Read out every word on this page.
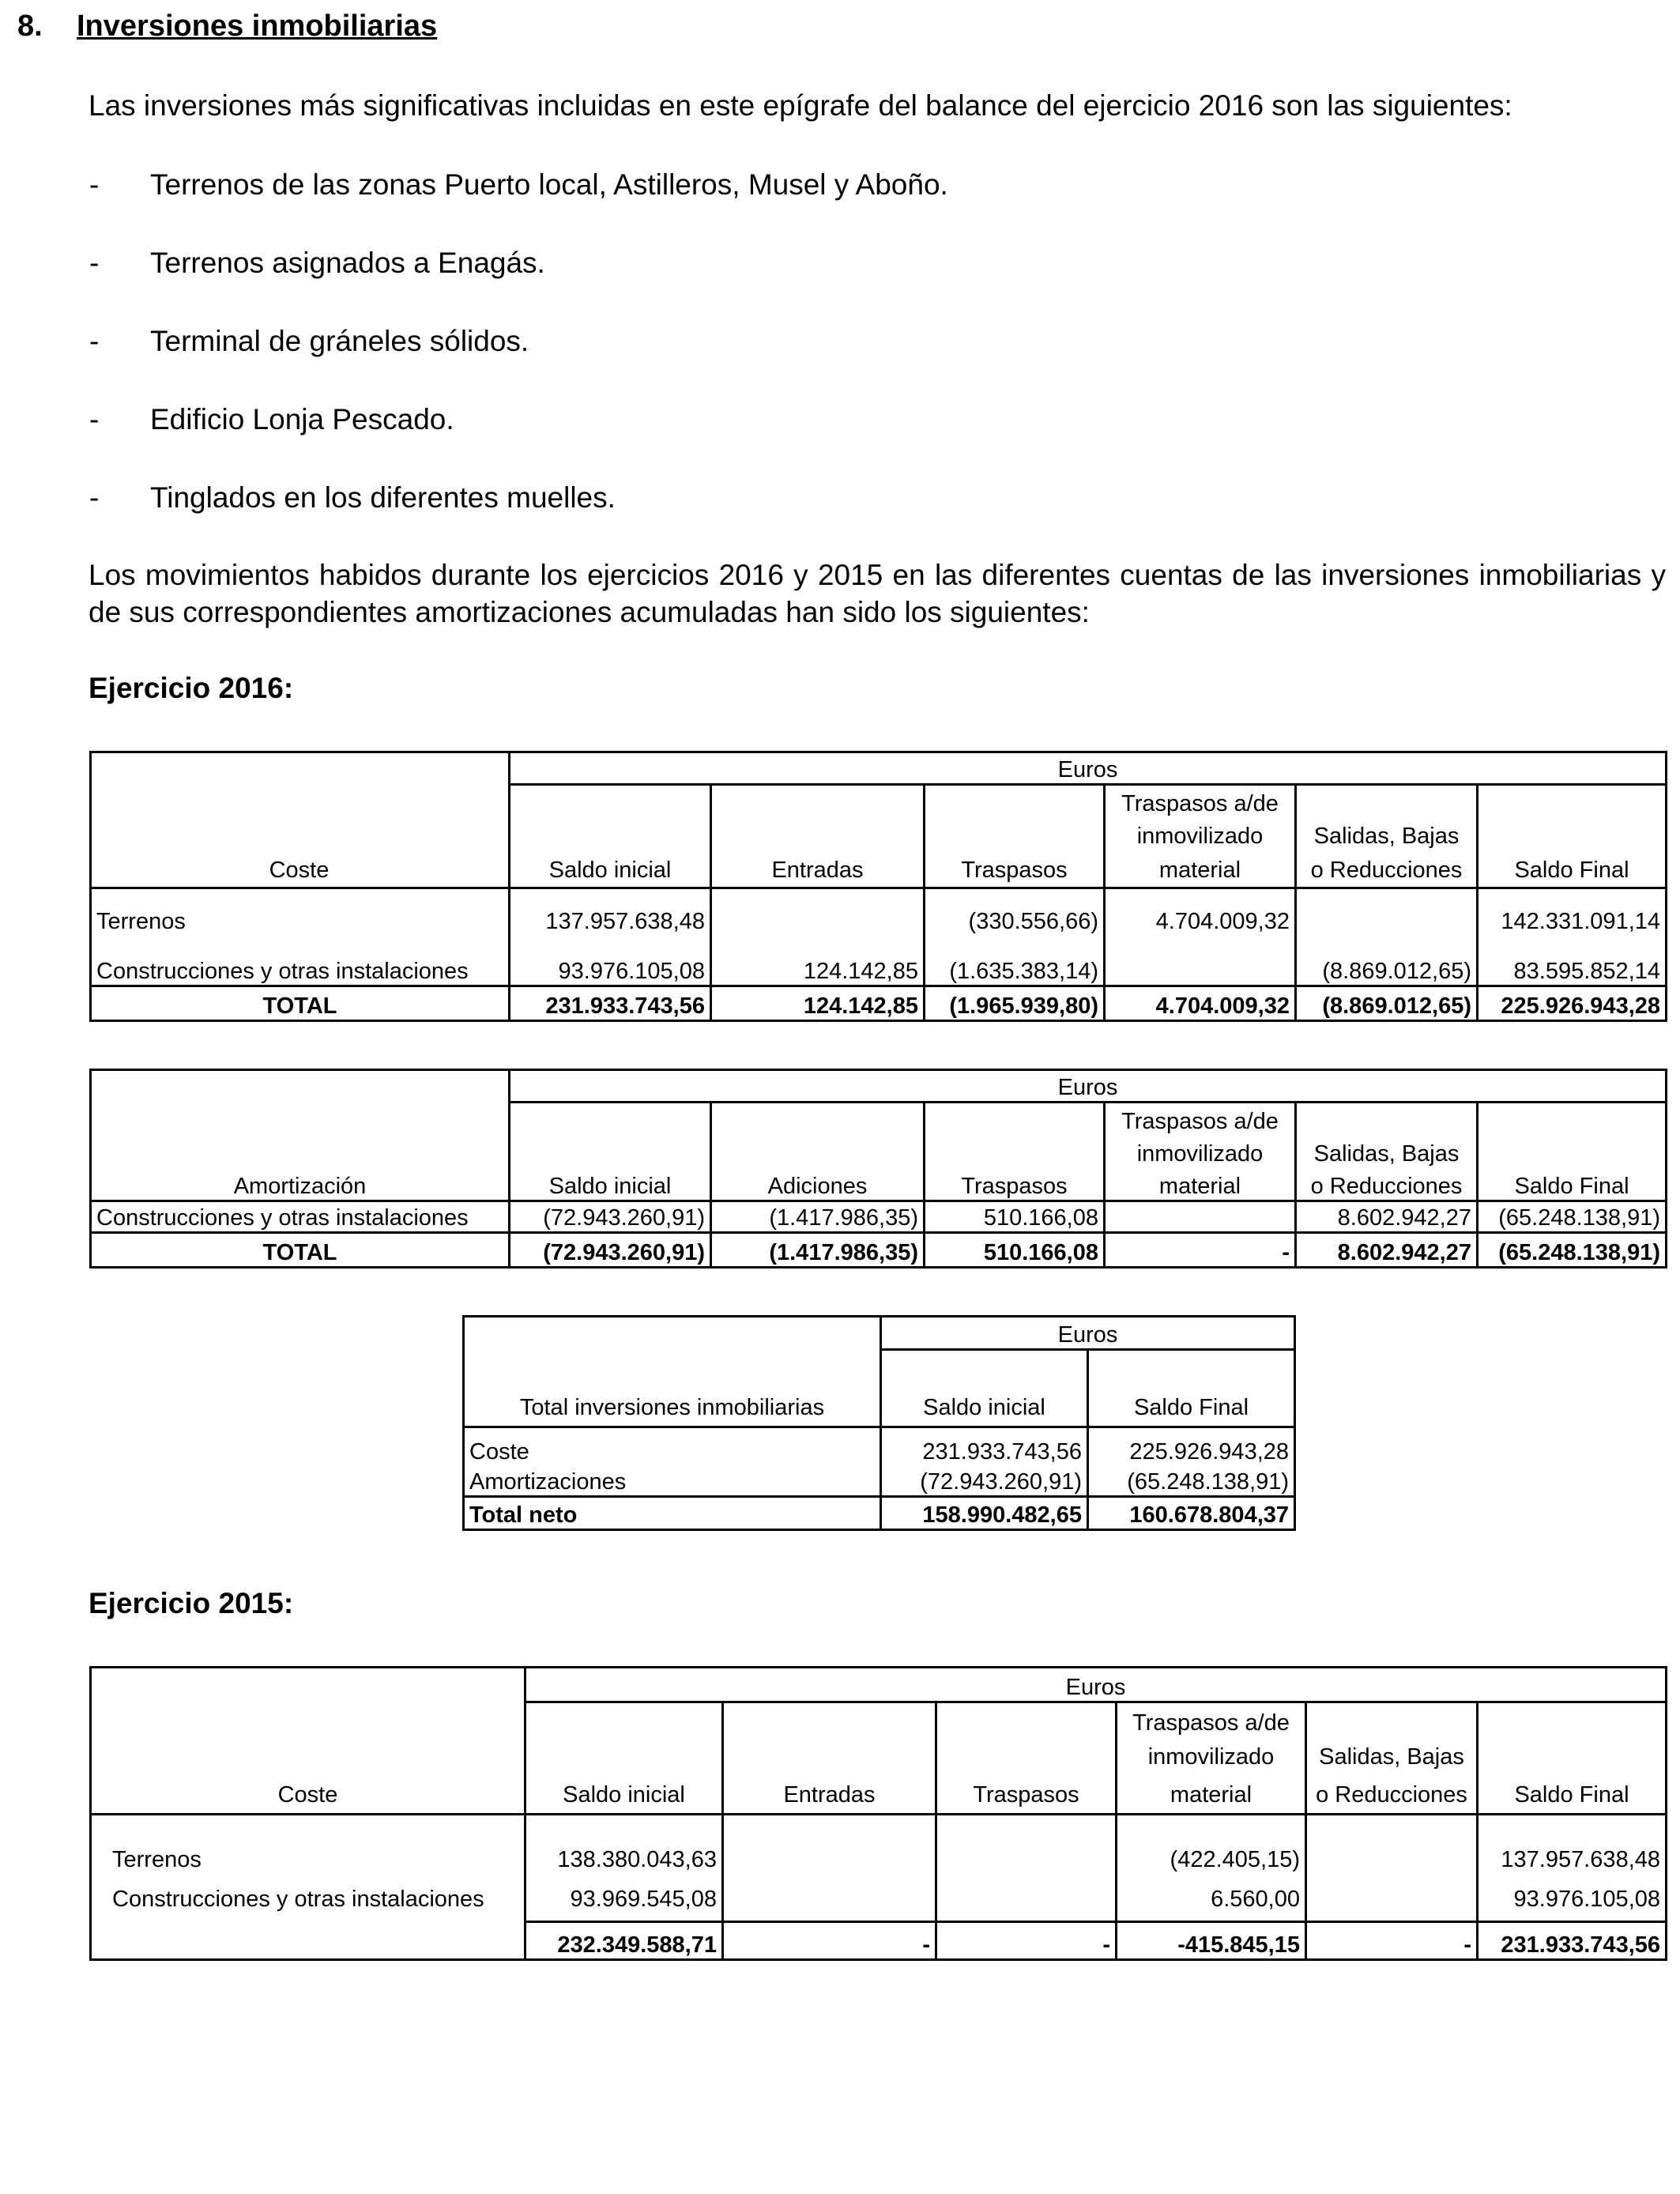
8. Inversiones inmobiliarias
Las inversiones más significativas incluidas en este epígrafe del balance del ejercicio 2016 son las siguientes:
- Terrenos de las zonas Puerto local, Astilleros, Musel y Aboño.
- Terrenos asignados a Enagás.
- Terminal de gráneles sólidos.
- Edificio Lonja Pescado.
- Tinglados en los diferentes muelles.
Los movimientos habidos durante los ejercicios 2016 y 2015 en las diferentes cuentas de las inversiones inmobiliarias y de sus correspondientes amortizaciones acumuladas han sido los siguientes:
Ejercicio 2016:
	Euros					
				Traspasos a/de		
				inmovilizado	Salidas, Bajas	
	Saldo inicial	Entradas	Traspasos	material	o Reducciones	Saldo Final

Terrenos	137.957.638,48		(330.556,66)	4.704.009,32		142.331.091,14
Construcciones y otras instalaciones	93.976.105,08	124.142,85	(1.635.383,14)		(8.869.012,65)	83.595.852,14
TOTAL	231.933.743,56	124.142,85	(1.965.939,80)	4.704.009,32	(8.869.012,65)	225.926.943,28
Coste
Amortización	Euros					
				Traspasos a/de		
				inmovilizado	Salidas, Bajas	
	Saldo inicial	Adiciones	Traspasos	material	o Reducciones	Saldo Final
Construcciones y otras instalaciones	(72.943.260,91)	(1.417.986,35)	510.166,08		8.602.942,27	(65.248.138,91)
TOTAL	(72.943.260,91)	(1.417.986,35)	510.166,08	-	8.602.942,27	(65.248.138,91)
Total inversiones inmobiliarias	Euros	
	Saldo inicial	Saldo Final
Coste	231.933.743,56	225.926.943,28
Amortizaciones	(72.943.260,91)	(65.248.138,91)
Total neto	158.990.482,65	160.678.804,37
Ejercicio 2015:
Coste	Euros					
				Traspasos a/de		
				inmovilizado	Salidas, Bajas	
	Saldo inicial	Entradas	Traspasos	material	o Reducciones	Saldo Final
Terrenos	138.380.043,63			(422.405,15)		137.957.638,48
Construcciones y otras instalaciones	93.969.545,08			6.560,00		93.976.105,08

	232.349.588,71	-	-	-415.845,15	-	231.933.743,56
